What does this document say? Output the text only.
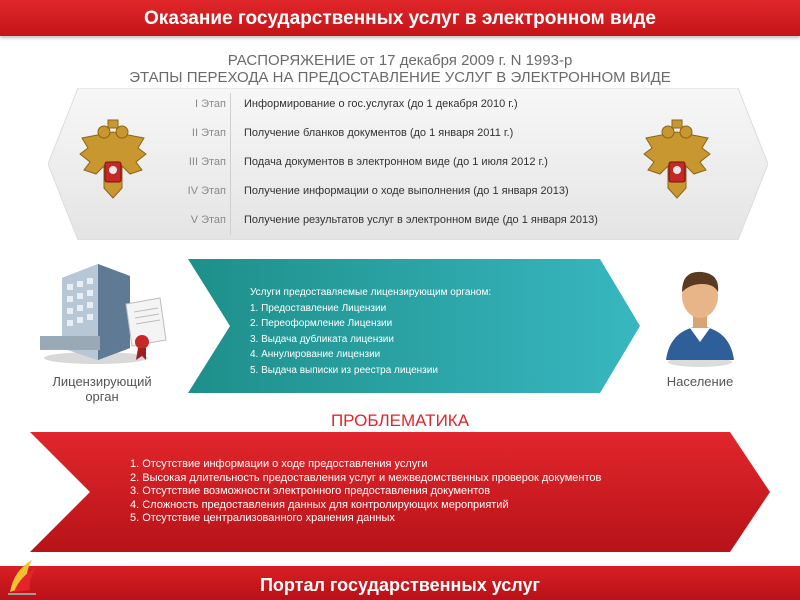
Оказание государственных услуг в электронном виде
РАСПОРЯЖЕНИЕ от 17 декабря 2009 г. N 1993-р
ЭТАПЫ ПЕРЕХОДА НА ПРЕДОСТАВЛЕНИЕ УСЛУГ В ЭЛЕКТРОННОМ ВИДЕ
I Этап Информирование о гос.услугах (до 1 декабря 2010 г.)
II Этап Получение бланков документов (до 1 января 2011 г.)
III Этап Подача документов в электронном виде (до 1 июля 2012 г.)
IV Этап Получение информации о ходе выполнения (до 1 января 2013)
V Этап Получение результатов услуг в электронном виде (до 1 января 2013)
Лицензирующий
орган
Услуги предоставляемые лицензирующим органом:
1. Предоставление Лицензии
2. Переоформление Лицензии
3. Выдача дубликата лицензии
4. Аннулирование лицензии
5. Выдача выписки из реестра лицензии
Население
ПРОБЛЕМАТИКА
1. Отсутствие информации о ходе предоставления услуги
2. Высокая длительность предоставления услуг и межведомственных проверок документов
3. Отсутствие возможности электронного предоставления документов
4. Сложность предоставления данных для контролирующих мероприятий
5. Отсутствие централизованного хранения данных
Портал государственных услуг
